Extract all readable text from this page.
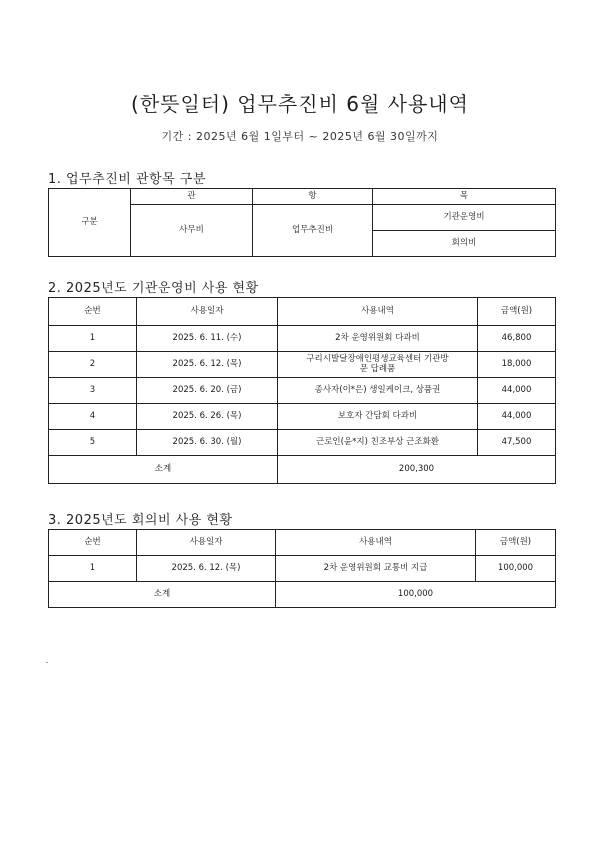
(한뜻일터) 업무추진비 6월 사용내역
기간 : 2025년 6월 1일부터 ~ 2025년 6월 30일까지
1. 업무추진비 관항목 구분
구분	관	항	목
	사무비	업무추진비	기관운영비
			회의비
2. 2025년도 기관운영비 사용 현황
순번	사용일자	사용내역	금액(원)
1	2025. 6. 11. (수)	2차 운영위원회 다과비	46,800
2	2025. 6. 12. (목)	구리시발달장애인평생교육센터 기관방문 답례품	18,000
3	2025. 6. 20. (금)	종사자(이*은) 생일케이크, 상품권	44,000
4	2025. 6. 26. (목)	보호자 간담회 다과비	44,000
5	2025. 6. 30. (월)	근로인(윤*지) 친조부상 근조화환	47,500
소계		200,300	
3. 2025년도 회의비 사용 현황
순번	사용일자	사용내역	금액(원)
1	2025. 6. 12. (목)	2차 운영위원회 교통비 지급	100,000
소계		100,000	
